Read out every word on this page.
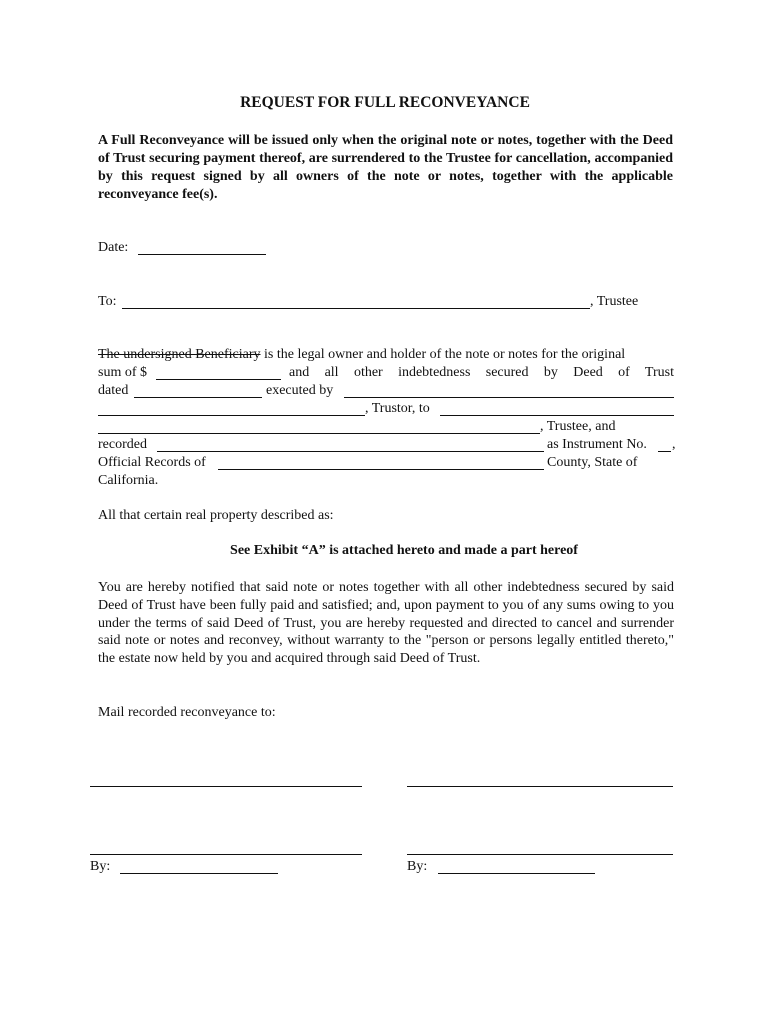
REQUEST FOR FULL RECONVEYANCE
A Full Reconveyance will be issued only when the original note or notes, together with the Deed of Trust securing payment thereof, are surrendered to the Trustee for cancellation, accompanied by this request signed by all owners of the note or notes, together with the applicable reconveyance fee(s).
Date:
To:	, Trustee
The undersigned Beneficiary is the legal owner and holder of the note or notes for the original
sum of $	and all other indebtedness secured by Deed of Trust
dated	executed by
, Trustor, to
, Trustee, and
recorded	as Instrument No. ,
Official Records of	County, State of
California.
All that certain real property described as:
See Exhibit “A” is attached hereto and made a part hereof
You are hereby notified that said note or notes together with all other indebtedness secured by said Deed of Trust have been fully paid and satisfied; and, upon payment to you of any sums owing to you under the terms of said Deed of Trust, you are hereby requested and directed to cancel and surrender said note or notes and reconvey, without warranty to the "person or persons legally entitled thereto," the estate now held by you and acquired through said Deed of Trust.
Mail recorded reconveyance to:
By:	By:
